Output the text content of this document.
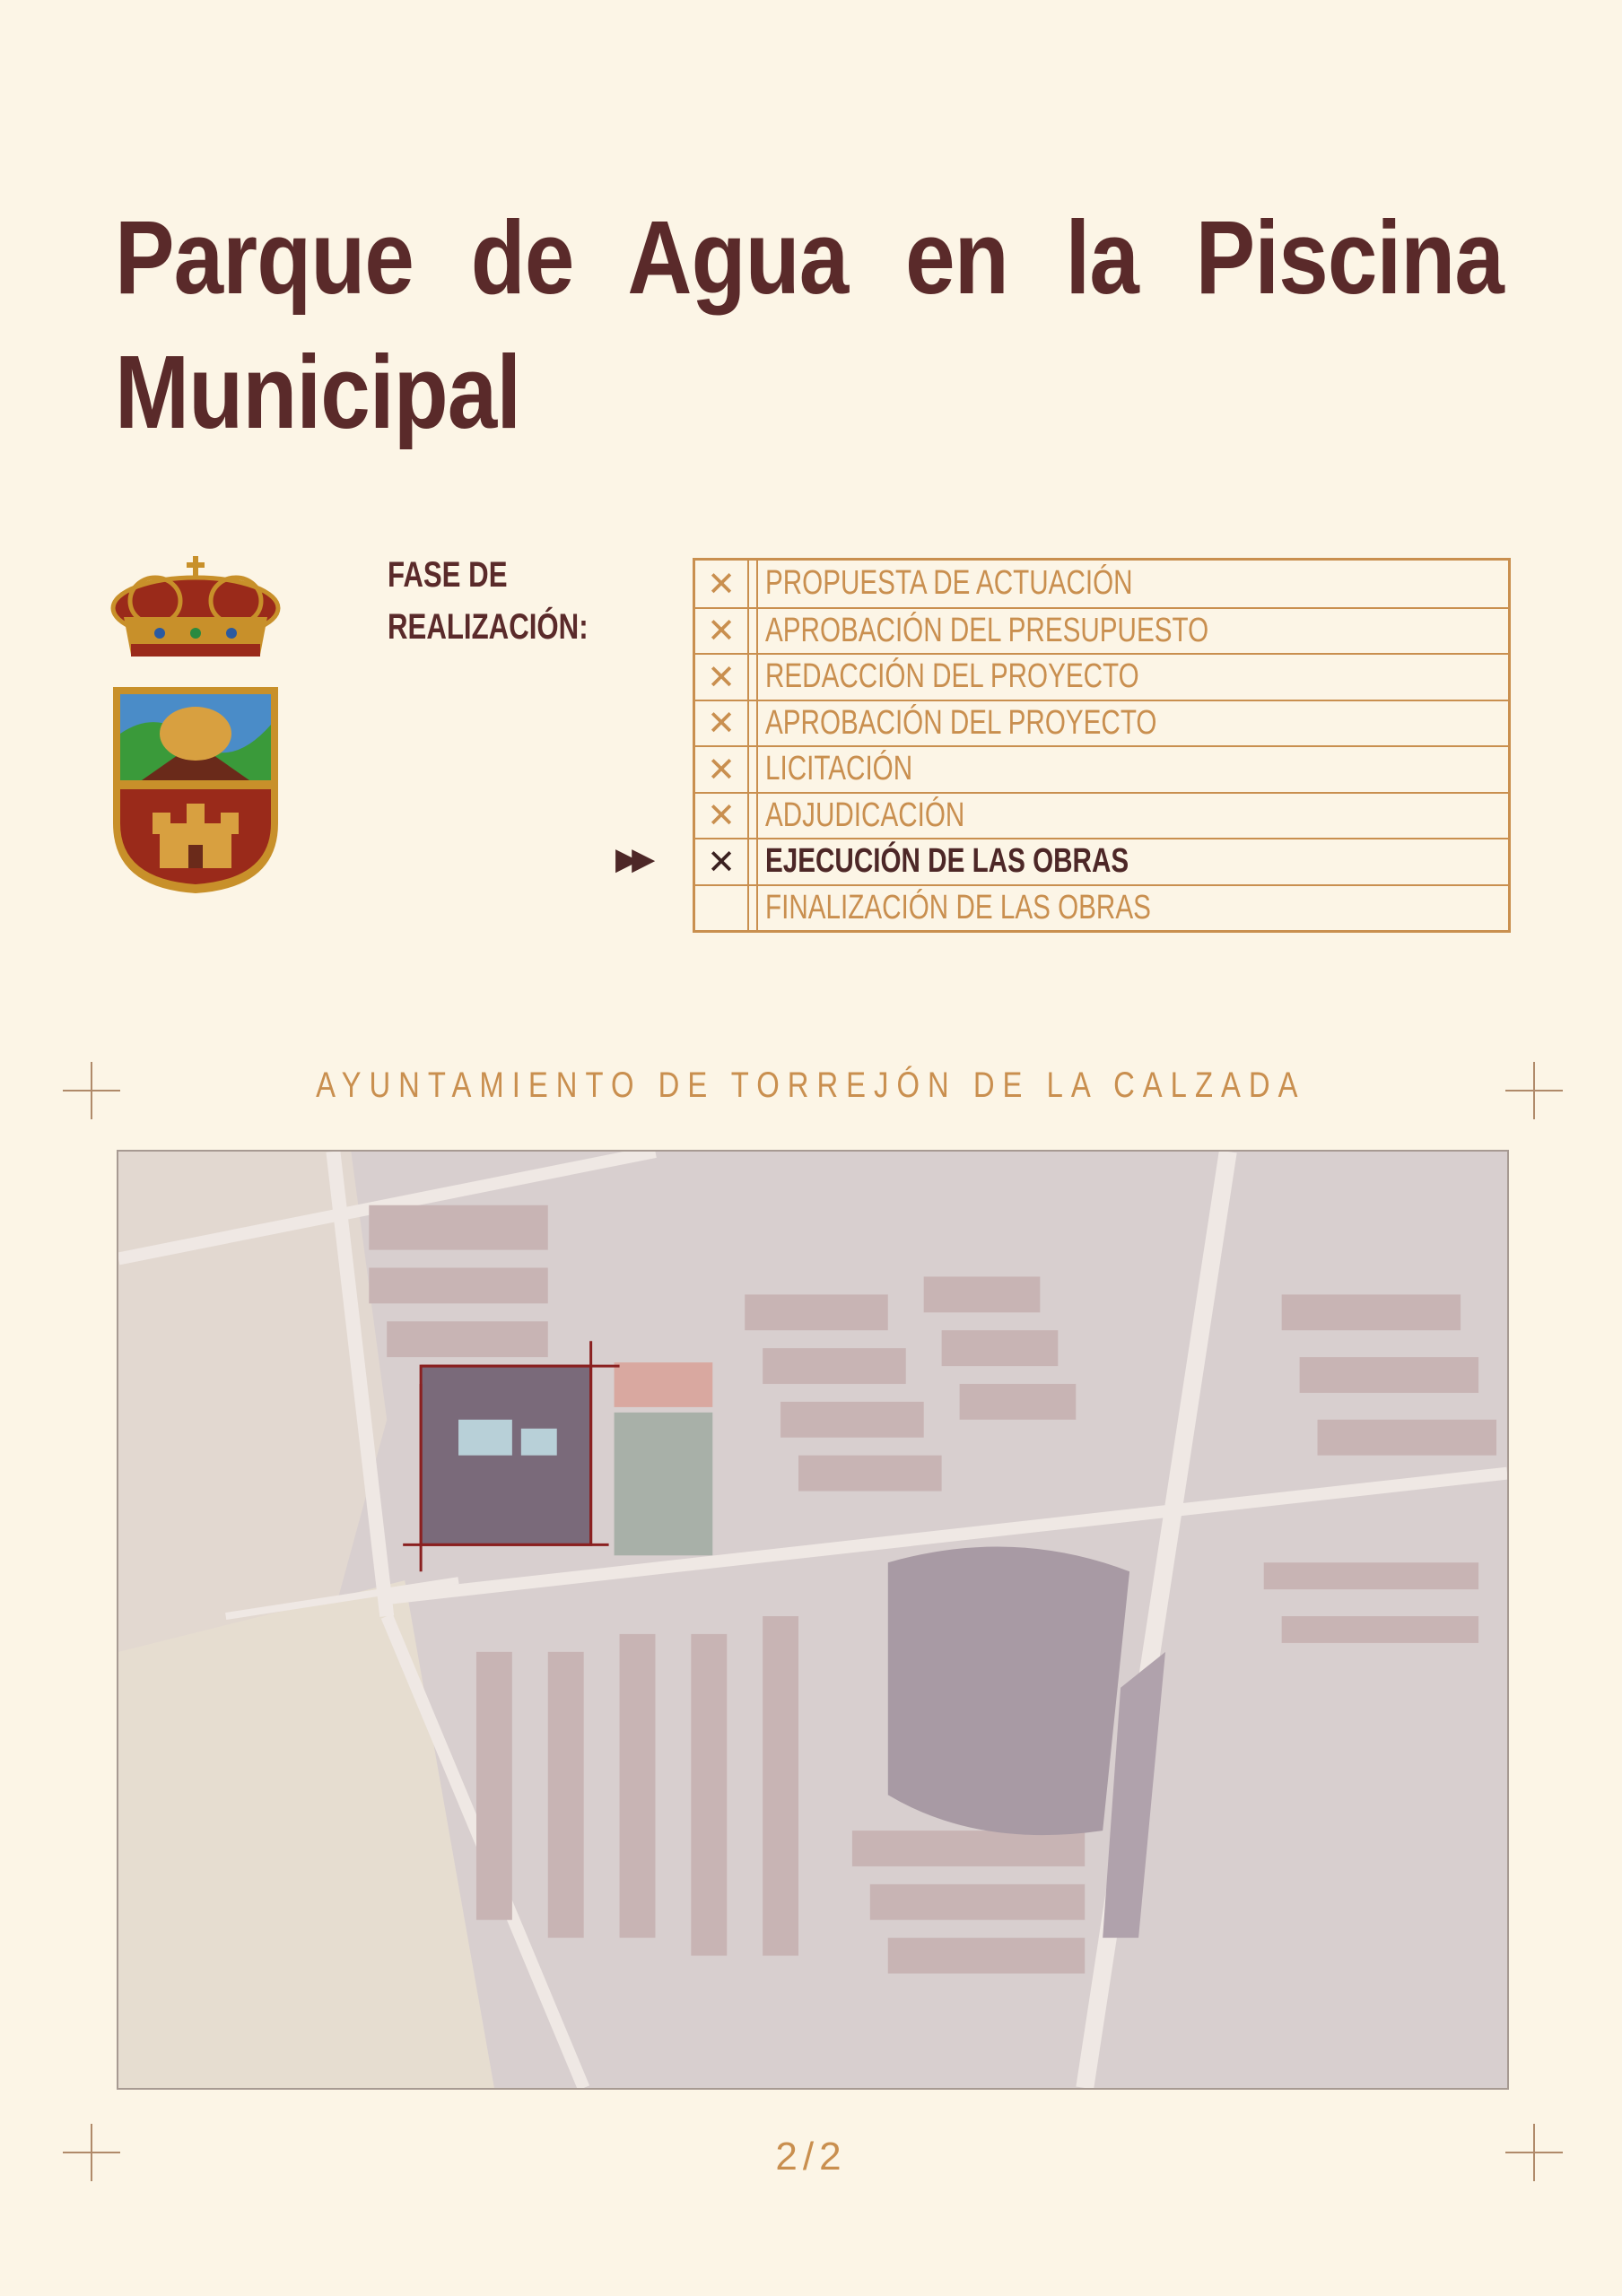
Parque de Agua en la Piscina Municipal
FASE DE REALIZACIÓN:
▶▶
✕ PROPUESTA DE ACTUACIÓN
✕ APROBACIÓN DEL PRESUPUESTO
✕ REDACCIÓN DEL PROYECTO
✕ APROBACIÓN DEL PROYECTO
✕ LICITACIÓN
✕ ADJUDICACIÓN
✕ EJECUCIÓN DE LAS OBRAS
FINALIZACIÓN DE LAS OBRAS
AYUNTAMIENTO DE TORREJÓN DE LA CALZADA
2/2
